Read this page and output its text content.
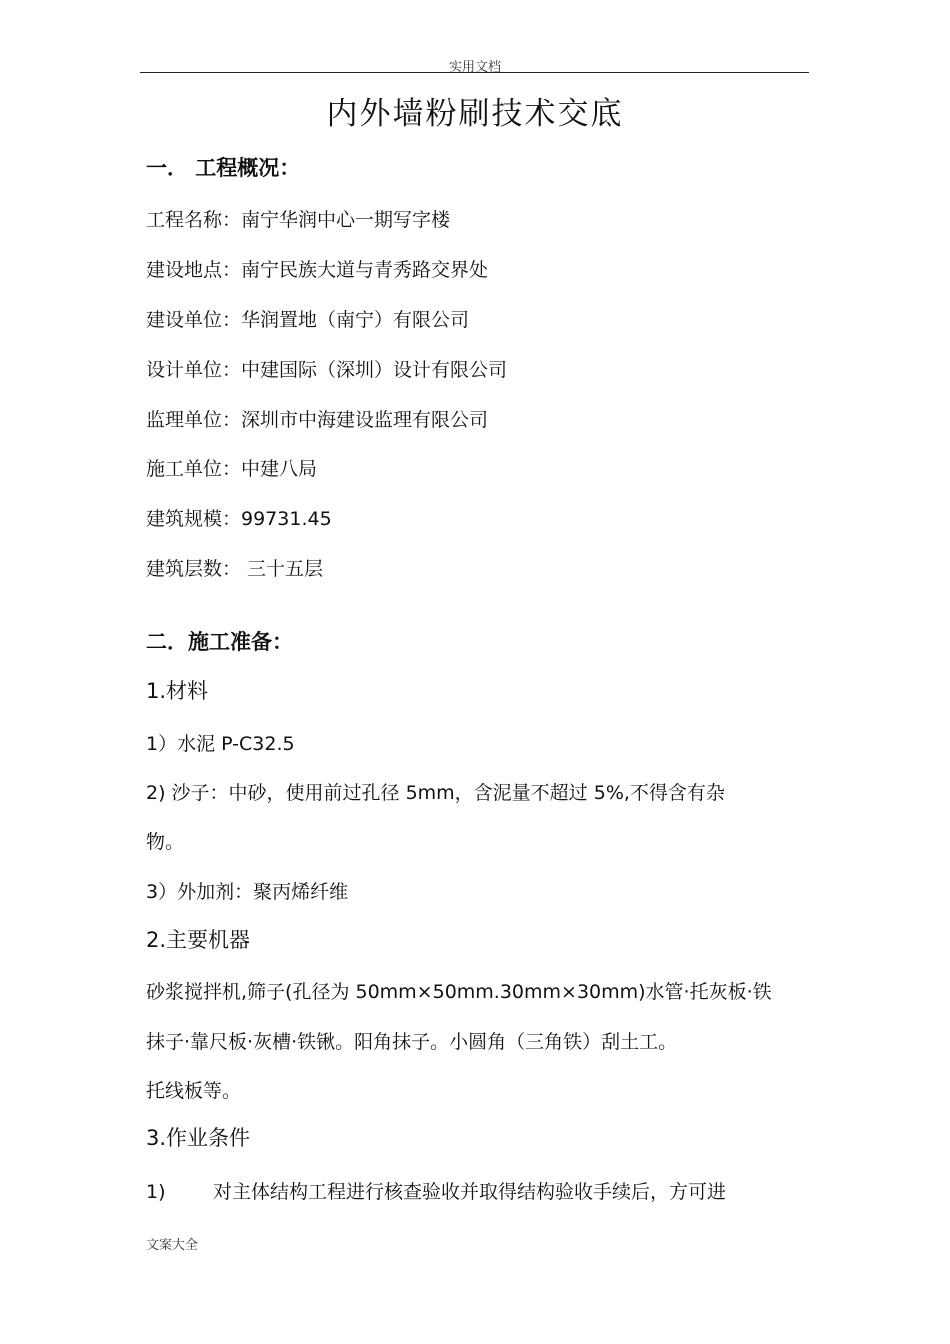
实用文档
内外墙粉刷技术交底
一． 工程概况：
工程名称：南宁华润中心一期写字楼
建设地点：南宁民族大道与青秀路交界处
建设单位：华润置地（南宁）有限公司
设计单位：中建国际（深圳）设计有限公司
监理单位：深圳市中海建设监理有限公司
施工单位：中建八局
建筑规模：99731.45
建筑层数： 三十五层
二．施工准备：
1.材料
1）水泥 P-C32.5
2) 沙子：中砂，使用前过孔径 5mm，含泥量不超过 5%,不得含有杂
物。
3）外加剂：聚丙烯纤维
2.主要机器
砂浆搅拌机,筛子(孔径为 50mm×50mm.30mm×30mm)水管·托灰板·铁
抹子·靠尺板·灰槽·铁锹。阳角抹子。小圆角（三角铁）刮土工。
托线板等。
3.作业条件
1) 对主体结构工程进行核查验收并取得结构验收手续后，方可进
文案大全
